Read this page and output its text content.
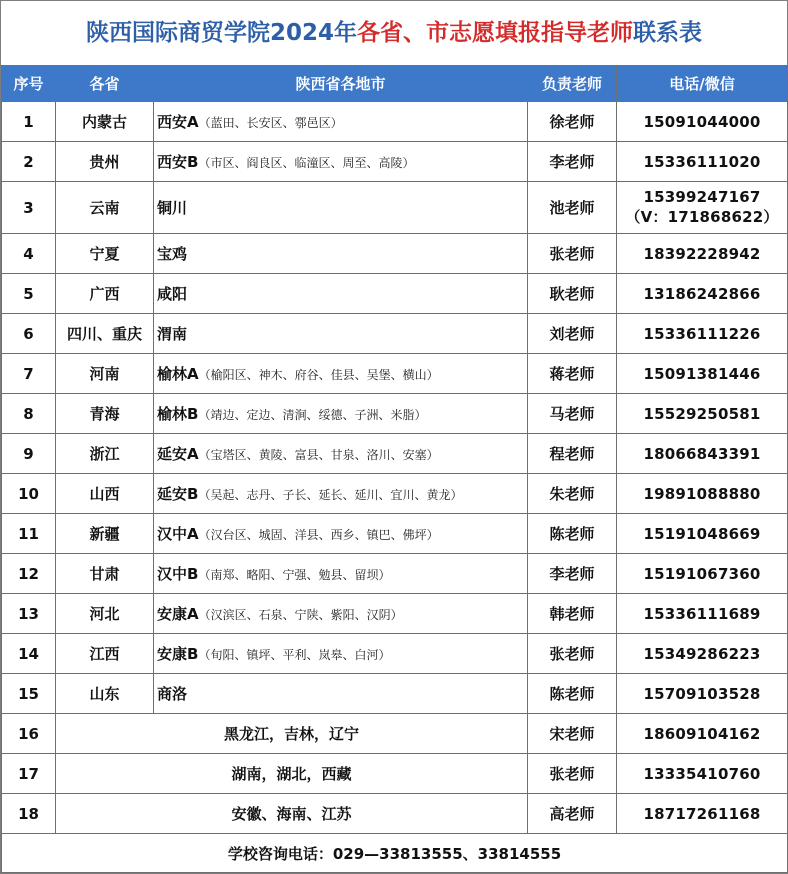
陕西国际商贸学院2024年各省、市志愿填报指导老师联系表
序号	各省	陕西省各地市	负责老师	电话/微信
1	内蒙古	西安A（蓝田、长安区、鄠邑区）	徐老师	15091044000

2	贵州	西安B（市区、阎良区、临潼区、周至、高陵）	李老师	15336111020

3	云南	铜川	池老师	15399247167
（V：171868622）

4	宁夏	宝鸡	张老师	18392228942

5	广西	咸阳	耿老师	13186242866

6	四川、重庆	渭南	刘老师	15336111226

7	河南	榆林A（榆阳区、神木、府谷、佳县、吴堡、横山）	蒋老师	15091381446

8	青海	榆林B（靖边、定边、清涧、绥德、子洲、米脂）	马老师	15529250581

9	浙江	延安A（宝塔区、黄陵、富县、甘泉、洛川、安塞）	程老师	18066843391

10	山西	延安B（吴起、志丹、子长、延长、延川、宜川、黄龙）	朱老师	19891088880

11	新疆	汉中A（汉台区、城固、洋县、西乡、镇巴、佛坪）	陈老师	15191048669

12	甘肃	汉中B（南郑、略阳、宁强、勉县、留坝）	李老师	15191067360

13	河北	安康A（汉滨区、石泉、宁陕、紫阳、汉阴）	韩老师	15336111689

14	江西	安康B（旬阳、镇坪、平利、岚皋、白河）	张老师	15349286223

15	山东	商洛	陈老师	15709103528

16	黑龙江，吉林，辽宁		宋老师	18609104162
17	湖南，湖北，西藏		张老师	13335410760
18	安徽、海南、江苏		高老师	18717261168
学校咨询电话：029—33813555、33814555				
